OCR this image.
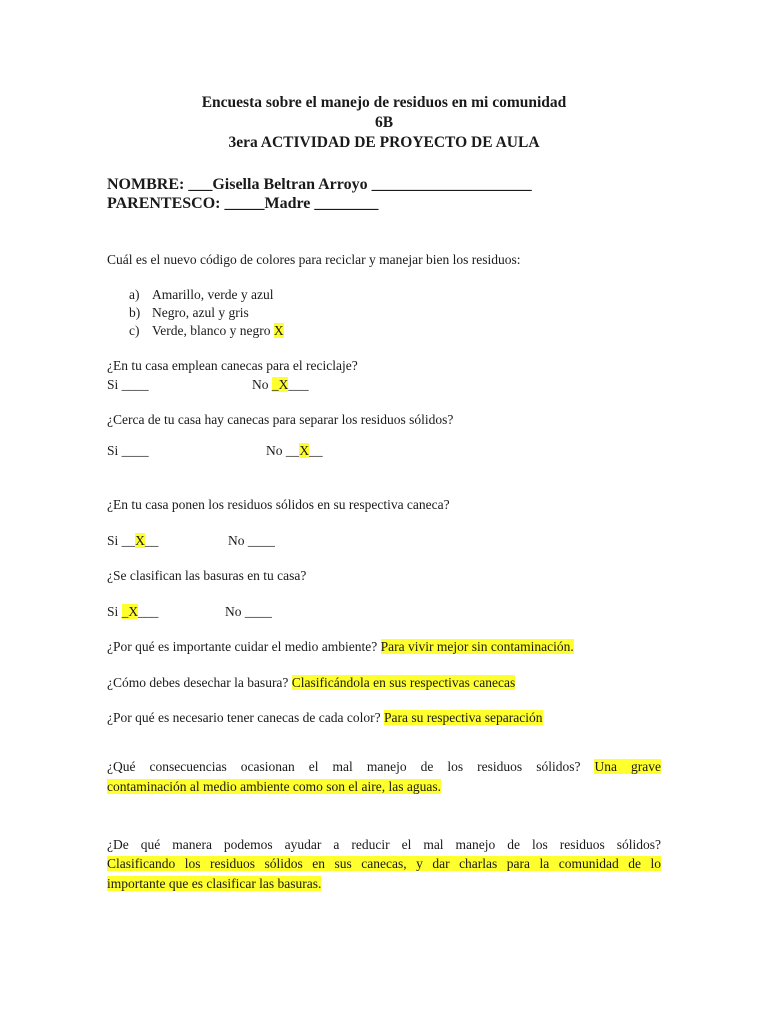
Encuesta sobre el manejo de residuos en mi comunidad
6B
3era ACTIVIDAD DE PROYECTO DE AULA
NOMBRE: ___Gisella Beltran Arroyo ____________________
PARENTESCO: _____Madre ________
Cuál es el nuevo código de colores para reciclar y manejar bien los residuos:
a) Amarillo, verde y azul
b) Negro, azul y gris
c) Verde, blanco y negro X
¿En tu casa emplean canecas para el reciclaje?
Si ____	No _X___
¿Cerca de tu casa hay canecas para separar los residuos sólidos?
Si ____	No __X__
¿En tu casa ponen los residuos sólidos en su respectiva caneca?
Si __X__	No ____
¿Se clasifican las basuras en tu casa?
Si _X___	No ____
¿Por qué es importante cuidar el medio ambiente? Para vivir mejor sin contaminación.
¿Cómo debes desechar la basura? Clasificándola en sus respectivas canecas
¿Por qué es necesario tener canecas de cada color? Para su respectiva separación
¿Qué consecuencias ocasionan el mal manejo de los residuos sólidos? Una grave
contaminación al medio ambiente como son el aire, las aguas.
¿De qué manera podemos ayudar a reducir el mal manejo de los residuos sólidos?
Clasificando los residuos sólidos en sus canecas, y dar charlas para la comunidad de lo
importante que es clasificar las basuras.
